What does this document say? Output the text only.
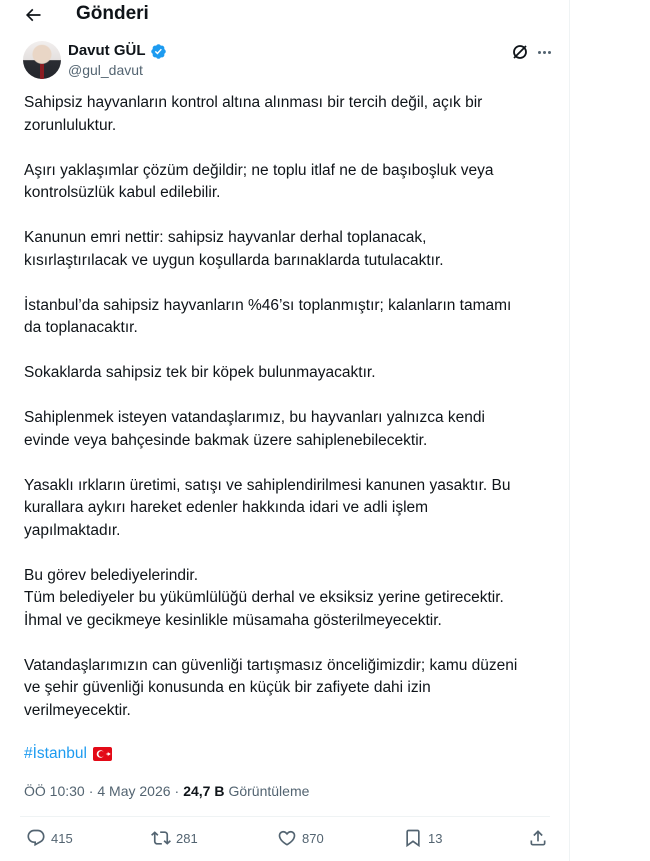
Gönderi
Davut GÜL
@gul_davut

Sahipsiz hayvanların kontrol altına alınması bir tercih değil, açık bir
zorunluluktur.

Aşırı yaklaşımlar çözüm değildir; ne toplu itlaf ne de başıboşluk veya
kontrolsüzlük kabul edilebilir.

Kanunun emri nettir: sahipsiz hayvanlar derhal toplanacak,
kısırlaştırılacak ve uygun koşullarda barınaklarda tutulacaktır.

İstanbul’da sahipsiz hayvanların %46’sı toplanmıştır; kalanların tamamı
da toplanacaktır.

Sokaklarda sahipsiz tek bir köpek bulunmayacaktır.

Sahiplenmek isteyen vatandaşlarımız, bu hayvanları yalnızca kendi
evinde veya bahçesinde bakmak üzere sahiplenebilecektir.

Yasaklı ırkların üretimi, satışı ve sahiplendirilmesi kanunen yasaktır. Bu
kurallara aykırı hareket edenler hakkında idari ve adli işlem
yapılmaktadır.

Bu görev belediyelerindir.
Tüm belediyeler bu yükümlülüğü derhal ve eksiksiz yerine getirecektir.
İhmal ve gecikmeye kesinlikle müsamaha gösterilmeyecektir.

Vatandaşlarımızın can güvenliği tartışmasız önceliğimizdir; kamu düzeni
ve şehir güvenliği konusunda en küçük bir zafiyete dahi izin
verilmeyecektir.

#İstanbul
ÖÖ 10:30 · 4 May 2026 · 24,7 B Görüntüleme
415	281	870	13
